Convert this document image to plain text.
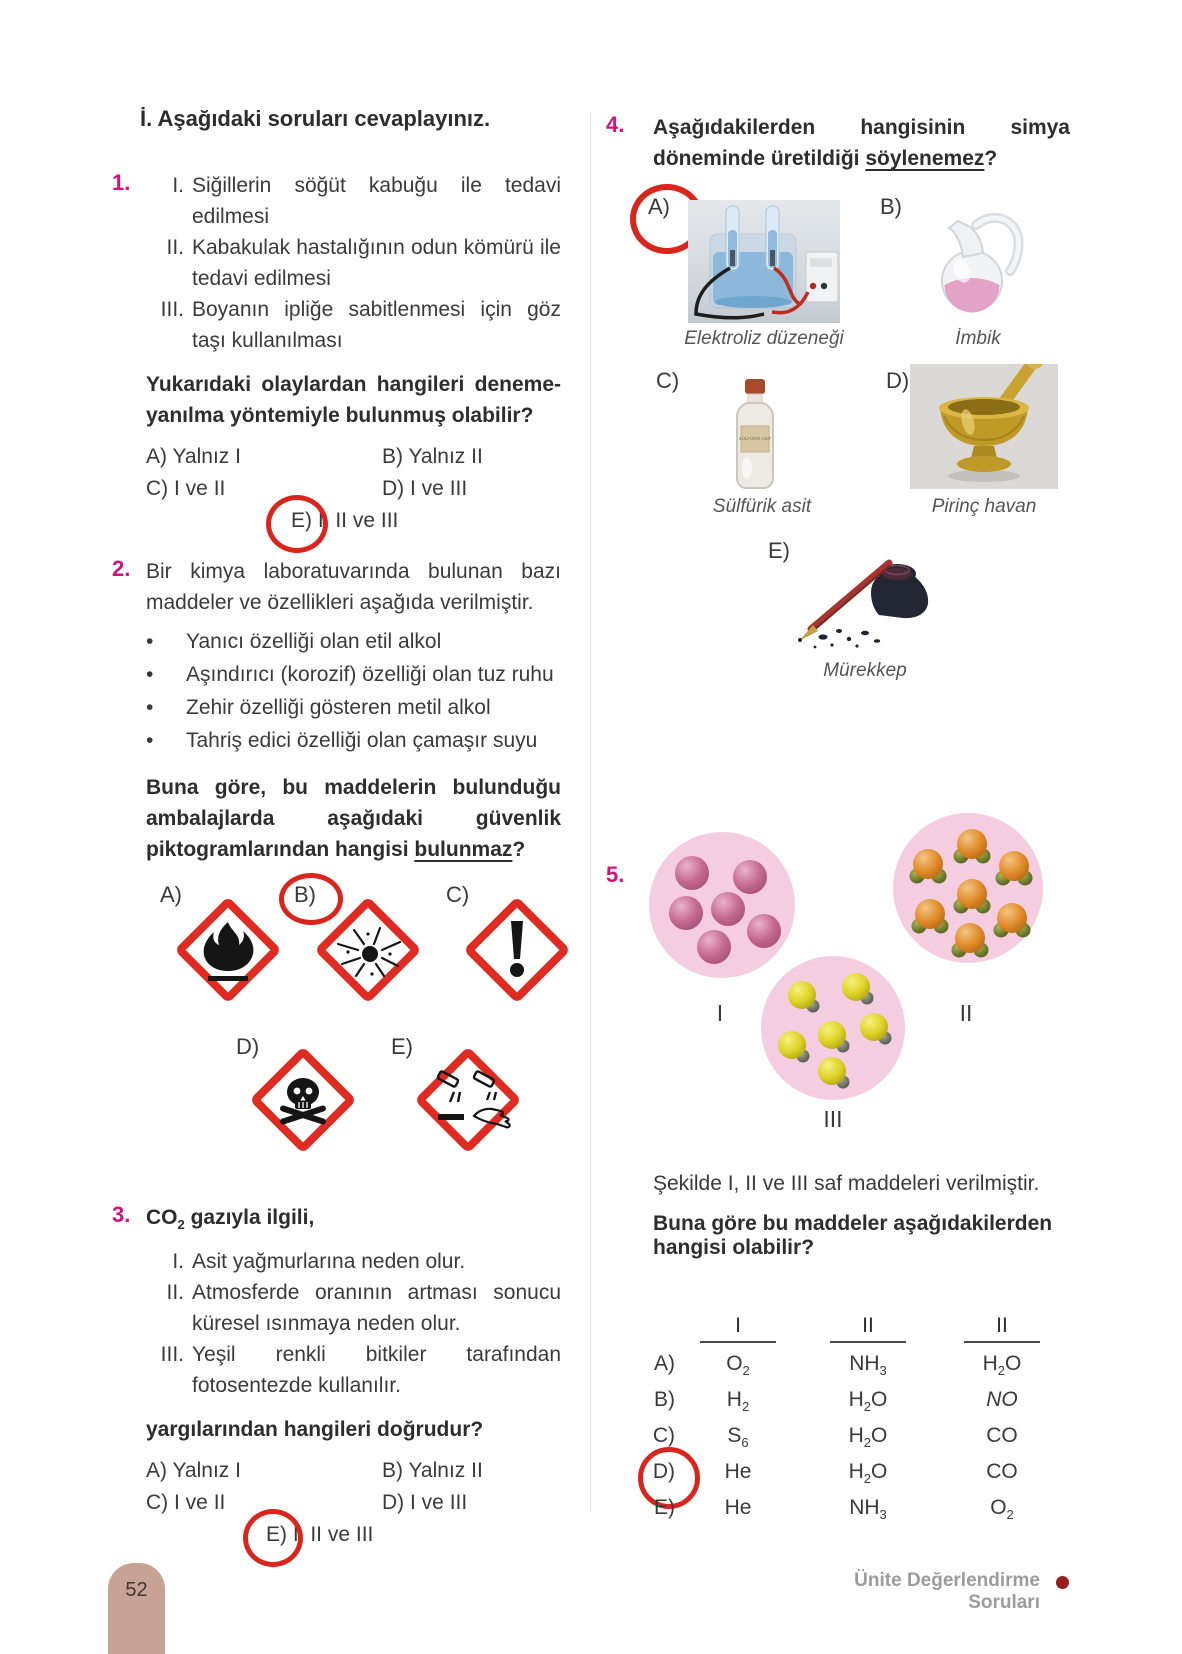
İ. Aşağıdaki soruları cevaplayınız.
1.	I. Siğillerin söğüt kabuğu ile tedavi edilmesi
II. Kabakulak hastalığının odun kömürü ile tedavi edilmesi
III. Boyanın ipliğe sabitlenmesi için göz taşı kullanılması
Yukarıdaki olaylardan hangileri deneme-yanılma yöntemiyle bulunmuş olabilir?
A) Yalnız I	B) Yalnız II
C) I ve II	D) I ve III
E) I, II ve III
2. Bir kimya laboratuvarında bulunan bazı maddeler ve özellikleri aşağıda verilmiştir.
•	Yanıcı özelliği olan etil alkol
•	Aşındırıcı (korozif) özelliği olan tuz ruhu
•	Zehir özelliği gösteren metil alkol
•	Tahriş edici özelliği olan çamaşır suyu
Buna göre, bu maddelerin bulunduğu ambalajlarda aşağıdaki güvenlik piktogramlarından hangisi bulunmaz?
A)	B)	C)
D)	E)
3. $CO_2$ gazıyla ilgili,
I. Asit yağmurlarına neden olur.
II. Atmosferde oranının artması sonucu küresel ısınmaya neden olur.
III. Yeşil renkli bitkiler tarafından fotosentezde kullanılır.
yargılarından hangileri doğrudur?
A) Yalnız I	B) Yalnız II
C) I ve II	D) I ve III
E) I, II ve III
4.	Aşağıdakilerden hangisinin simya döneminde üretildiği söylenemez?
A)	B)
C)	D)
E)
Elektroliz düzeneği	İmbik
SÜLFÜRİK ASİT
Sülfürik asit	Pirinç havan
Mürekkep
5.
I	II
III
Şekilde I, II ve III saf maddeleri verilmiştir.
Buna göre bu maddeler aşağıdakilerden
hangisi olabilir?
I	II	II
A)	$O_2$	$NH_3$	$H_2O$
B)	$H_2$	$H_2O$	NO
C)	$S_6$	$H_2O$	CO
D)	He	$H_2O$	CO
E)	He	$NH_3$	$O_2$
52	Ünite Değerlendirme Soruları
